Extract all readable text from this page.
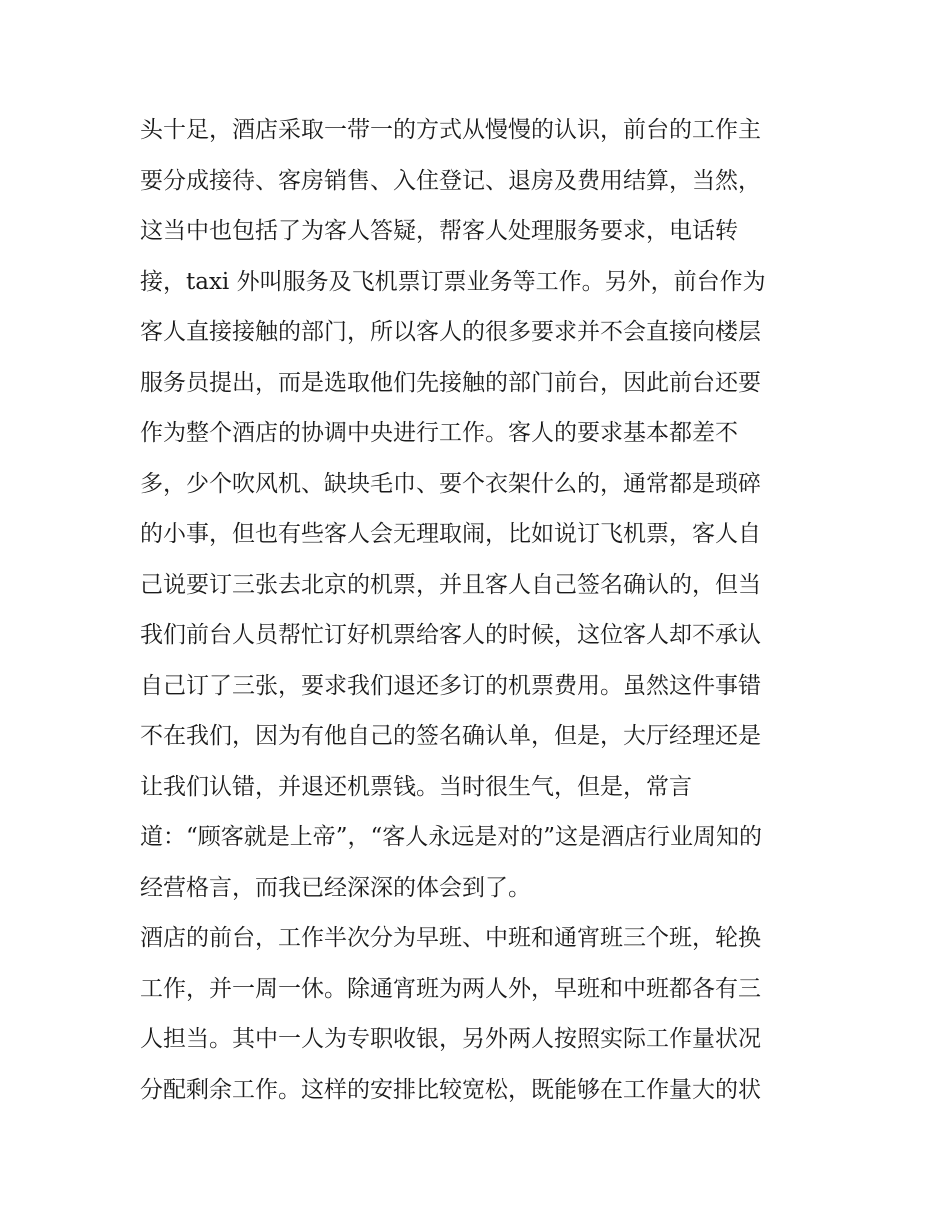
头十足，酒店采取一带一的方式从慢慢的认识，前台的工作主
要分成接待、客房销售、入住登记、退房及费用结算，当然，
这当中也包括了为客人答疑，帮客人处理服务要求，电话转
接，taxi 外叫服务及飞机票订票业务等工作。另外，前台作为
客人直接接触的部门，所以客人的很多要求并不会直接向楼层
服务员提出，而是选取他们先接触的部门前台，因此前台还要
作为整个酒店的协调中央进行工作。客人的要求基本都差不
多，少个吹风机、缺块毛巾、要个衣架什么的，通常都是琐碎
的小事，但也有些客人会无理取闹，比如说订飞机票，客人自
己说要订三张去北京的机票，并且客人自己签名确认的，但当
我们前台人员帮忙订好机票给客人的时候，这位客人却不承认
自己订了三张，要求我们退还多订的机票费用。虽然这件事错
不在我们，因为有他自己的签名确认单，但是，大厅经理还是
让我们认错，并退还机票钱。当时很生气，但是，常言
道：“顾客就是上帝”，“客人永远是对的”这是酒店行业周知的
经营格言，而我已经深深的体会到了。
酒店的前台，工作半次分为早班、中班和通宵班三个班，轮换
工作，并一周一休。除通宵班为两人外，早班和中班都各有三
人担当。其中一人为专职收银，另外两人按照实际工作量状况
分配剩余工作。这样的安排比较宽松，既能够在工作量大的状
